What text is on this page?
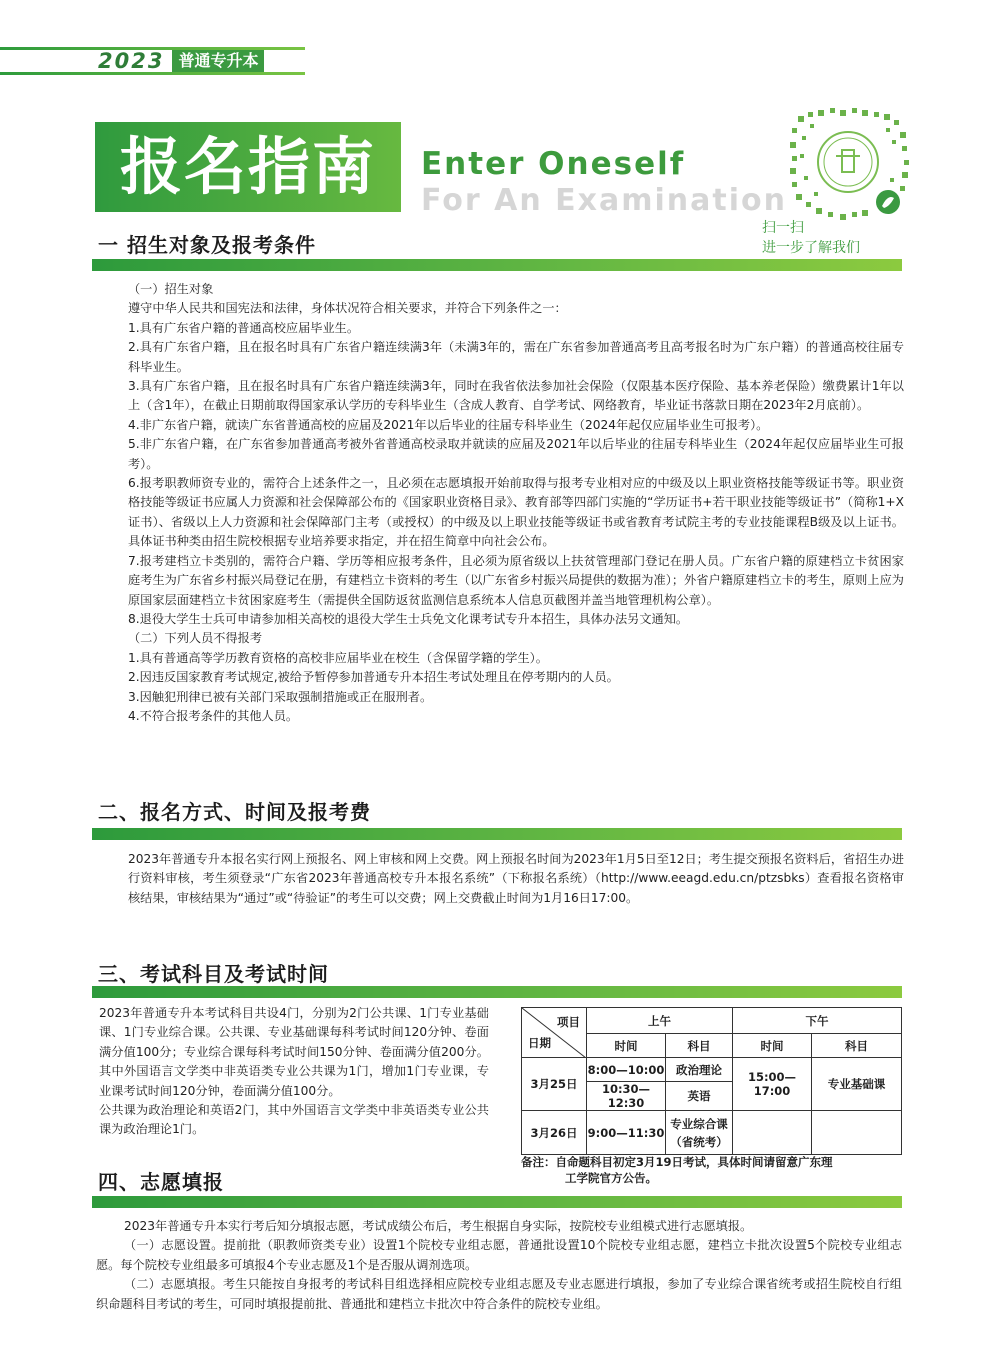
2023 普通专升本
报名指南	Enter Oneself
For An Examination
扫一扫
进一步了解我们
一 招生对象及报考条件

（一）招生对象

遵守中华人民共和国宪法和法律，身体状况符合相关要求，并符合下列条件之一：

1.具有广东省户籍的普通高校应届毕业生。

2.具有广东省户籍，且在报名时具有广东省户籍连续满3年（未满3年的，需在广东省参加普通高考且高考报名时为广东户籍）的普通高校往届专科毕业生。

3.具有广东省户籍，且在报名时具有广东省户籍连续满3年，同时在我省依法参加社会保险（仅限基本医疗保险、基本养老保险）缴费累计1年以上（含1年），在截止日期前取得国家承认学历的专科毕业生（含成人教育、自学考试、网络教育，毕业证书落款日期在2023年2月底前）。

4.非广东省户籍，就读广东省普通高校的应届及2021年以后毕业的往届专科毕业生（2024年起仅应届毕业生可报考）。

5.非广东省户籍，在广东省参加普通高考被外省普通高校录取并就读的应届及2021年以后毕业的往届专科毕业生（2024年起仅应届毕业生可报考）。

6.报考职教师资专业的，需符合上述条件之一，且必须在志愿填报开始前取得与报考专业相对应的中级及以上职业资格技能等级证书等。职业资格技能等级证书应属人力资源和社会保障部公布的《国家职业资格目录》、教育部等四部门实施的“学历证书+若干职业技能等级证书”（简称1+X证书）、省级以上人力资源和社会保障部门主考（或授权）的中级及以上职业技能等级证书或省教育考试院主考的专业技能课程B级及以上证书。具体证书种类由招生院校根据专业培养要求指定，并在招生简章中向社会公布。

7.报考建档立卡类别的，需符合户籍、学历等相应报考条件，且必须为原省级以上扶贫管理部门登记在册人员。广东省户籍的原建档立卡贫困家庭考生为广东省乡村振兴局登记在册，有建档立卡资料的考生（以广东省乡村振兴局提供的数据为准）；外省户籍原建档立卡的考生，原则上应为原国家层面建档立卡贫困家庭考生（需提供全国防返贫监测信息系统本人信息页截图并盖当地管理机构公章）。

8.退役大学生士兵可申请参加相关高校的退役大学生士兵免文化课考试专升本招生，具体办法另文通知。

（二）下列人员不得报考

1.具有普通高等学历教育资格的高校非应届毕业在校生（含保留学籍的学生）。

2.因违反国家教育考试规定,被给予暂停参加普通专升本招生考试处理且在停考期内的人员。

3.因触犯刑律已被有关部门采取强制措施或正在服刑者。

4.不符合报考条件的其他人员。

二、报名方式、时间及报考费

2023年普通专升本报名实行网上预报名、网上审核和网上交费。网上预报名时间为2023年1月5日至12日；考生提交预报名资料后，省招生办进行资料审核，考生须登录“广东省2023年普通高校专升本报名系统”（下称报名系统）（http://www.eeagd.edu.cn/ptzsbks）查看报名资格审核结果，审核结果为“通过”或“待验证”的考生可以交费；网上交费截止时间为1月16日17:00。

三、考试科目及考试时间

2023年普通专升本考试科目共设4门，分别为2门公共课、1门专业基础课、1门专业综合课。公共课、专业基础课每科考试时间120分钟、卷面满分值100分；专业综合课每科考试时间150分钟、卷面满分值200分。其中外国语言文学类中非英语类专业公共课为1门，增加1门专业课，专业课考试时间120分钟，卷面满分值100分。

公共课为政治理论和英语2门，其中外国语言文学类中非英语类专业公共课为政治理论1门。

项目
日期	上午		下午	
	时间	科目	时间	科目
3月25日	8:00—10:00	政治理论	15:00—17:00	专业基础课
	10:30—12:30	英语		
3月26日	9:00—11:30	专业综合课
（省统考）		

备注：自命题科目初定3月19日考试，具体时间请留意广东理
工学院官方公告。
四、志愿填报

2023年普通专升本实行考后知分填报志愿，考试成绩公布后，考生根据自身实际，按院校专业组模式进行志愿填报。

（一）志愿设置。提前批（职教师资类专业）设置1个院校专业组志愿，普通批设置10个院校专业组志愿，建档立卡批次设置5个院校专业组志愿。每个院校专业组最多可填报4个专业志愿及1个是否服从调剂选项。

（二）志愿填报。考生只能按自身报考的考试科目组选择相应院校专业组志愿及专业志愿进行填报，参加了专业综合课省统考或招生院校自行组织命题科目考试的考生，可同时填报提前批、普通批和建档立卡批次中符合条件的院校专业组。
